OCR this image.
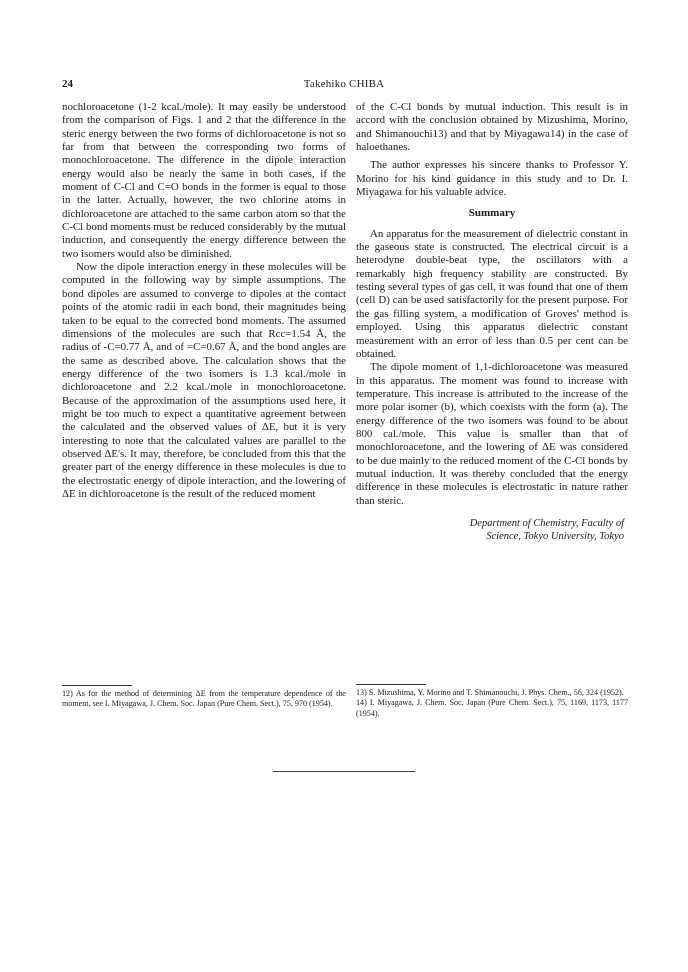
24	Takehiko CHIBA

nochloroacetone (1-2 kcal./mole). It may easily be understood from the comparison of Figs. 1 and 2 that the difference in the steric energy between the two forms of dichloroacetone is not so far from that between the corresponding two forms of monochloroacetone. The difference in the dipole interaction energy would also be nearly the same in both cases, if the moment of C-Cl and C=O bonds in the former is equal to those in the latter. Actually, however, the two chlorine atoms in dichloroacetone are attached to the same carbon atom so that the C-Cl bond moments must be reduced considerably by the mutual induction, and consequently the energy difference between the two isomers would also be diminished.

Now the dipole interaction energy in these molecules will be computed in the following way by simple assumptions. The bond dipoles are assumed to converge to dipoles at the contact points of the atomic radii in each bond, their magnitudes being taken to be equal to the corrected bond moments. The assumed dimensions of the molecules are such that Rcc=1.54 Å, the radius of -C=0.77 Å, and of =C=0.67 Å, and the bond angles are the same as described above. The calculation shows that the energy difference of the two isomers is 1.3 kcal./mole in dichloroacetone and 2.2 kcal./mole in monochloroacetone. Because of the approximation of the assumptions used here, it might be too much to expect a quantitative agreement between the calculated and the observed values of ΔE, but it is very interesting to note that the calculated values are parallel to the observed ΔE's. It may, therefore, be concluded from this that the greater part of the energy difference in these molecules is due to the electrostatic energy of dipole interaction, and the lowering of ΔE in dichloroacetone is the result of the reduced moment

of the C-Cl bonds by mutual induction. This result is in accord with the conclusion obtained by Mizushima, Morino, and Shimanouchi13) and that by Miyagawa14) in the case of haloethanes.

The author expresses his sincere thanks to Professor Y. Morino for his kind guidance in this study and to Dr. I. Miyagawa for his valuable advice.

Summary

An apparatus for the measurement of dielectric constant in the gaseous state is constructed. The electrical circuit is a heterodyne double-beat type, the oscillators with a remarkably high frequency stability are constructed. By testing several types of gas cell, it was found that one of them (cell D) can be used satisfactorily for the present purpose. For the gas filling system, a modification of Groves' method is employed. Using this apparatus dielectric constant measurement with an error of less than 0.5 per cent can be obtained.

The dipole moment of 1,1-dichloroacetone was measured in this apparatus. The moment was found to increase with temperature. This increase is attributed to the increase of the more polar isomer (b), which coexists with the form (a). The energy difference of the two isomers was found to be about 800 cal./mole. This value is smaller than that of monochloroacetone, and the lowering of ΔE was considered to be due mainly to the reduced moment of the C-Cl bonds by mutual induction. It was thereby concluded that the energy difference in these molecules is electrostatic in nature rather than steric.

Department of Chemistry, Faculty of
Science, Tokyo University, Tokyo

12) As for the method of determining ΔE from the temperature dependence of the moment, see I. Miyagawa, J. Chem. Soc. Japan (Pure Chem. Sect.), 75, 970 (1954).

13) S. Mizushima, Y. Morino and T. Shimanouchi, J. Phys. Chem., 56, 324 (1952).

14) I. Miyagawa, J. Chem. Soc. Japan (Pure Chem. Sect.), 75, 1169, 1173, 1177 (1954).
